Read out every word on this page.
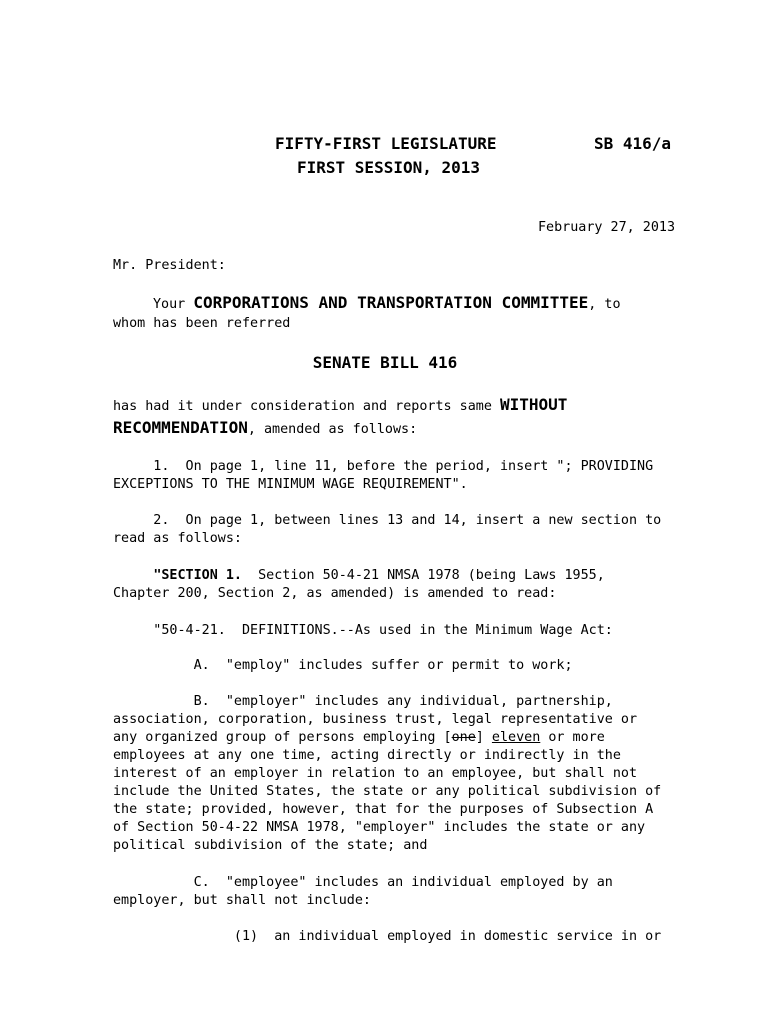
FIFTY-FIRST LEGISLATURE	SB 416/a
FIRST SESSION, 2013
February 27, 2013
Mr. President:
Your CORPORATIONS AND TRANSPORTATION COMMITTEE, to
whom has been referred
SENATE BILL 416
has had it under consideration and reports same WITHOUT
RECOMMENDATION, amended as follows:
1.  On page 1, line 11, before the period, insert "; PROVIDING
EXCEPTIONS TO THE MINIMUM WAGE REQUIREMENT".
2.  On page 1, between lines 13 and 14, insert a new section to
read as follows:
"SECTION 1.  Section 50-4-21 NMSA 1978 (being Laws 1955,
Chapter 200, Section 2, as amended) is amended to read:
"50-4-21.  DEFINITIONS.--As used in the Minimum Wage Act:
A.  "employ" includes suffer or permit to work;
B.  "employer" includes any individual, partnership,
association, corporation, business trust, legal representative or
any organized group of persons employing [one] eleven or more
employees at any one time, acting directly or indirectly in the
interest of an employer in relation to an employee, but shall not
include the United States, the state or any political subdivision of
the state; provided, however, that for the purposes of Subsection A
of Section 50-4-22 NMSA 1978, "employer" includes the state or any
political subdivision of the state; and
C.  "employee" includes an individual employed by an
employer, but shall not include:
(1)  an individual employed in domestic service in or
